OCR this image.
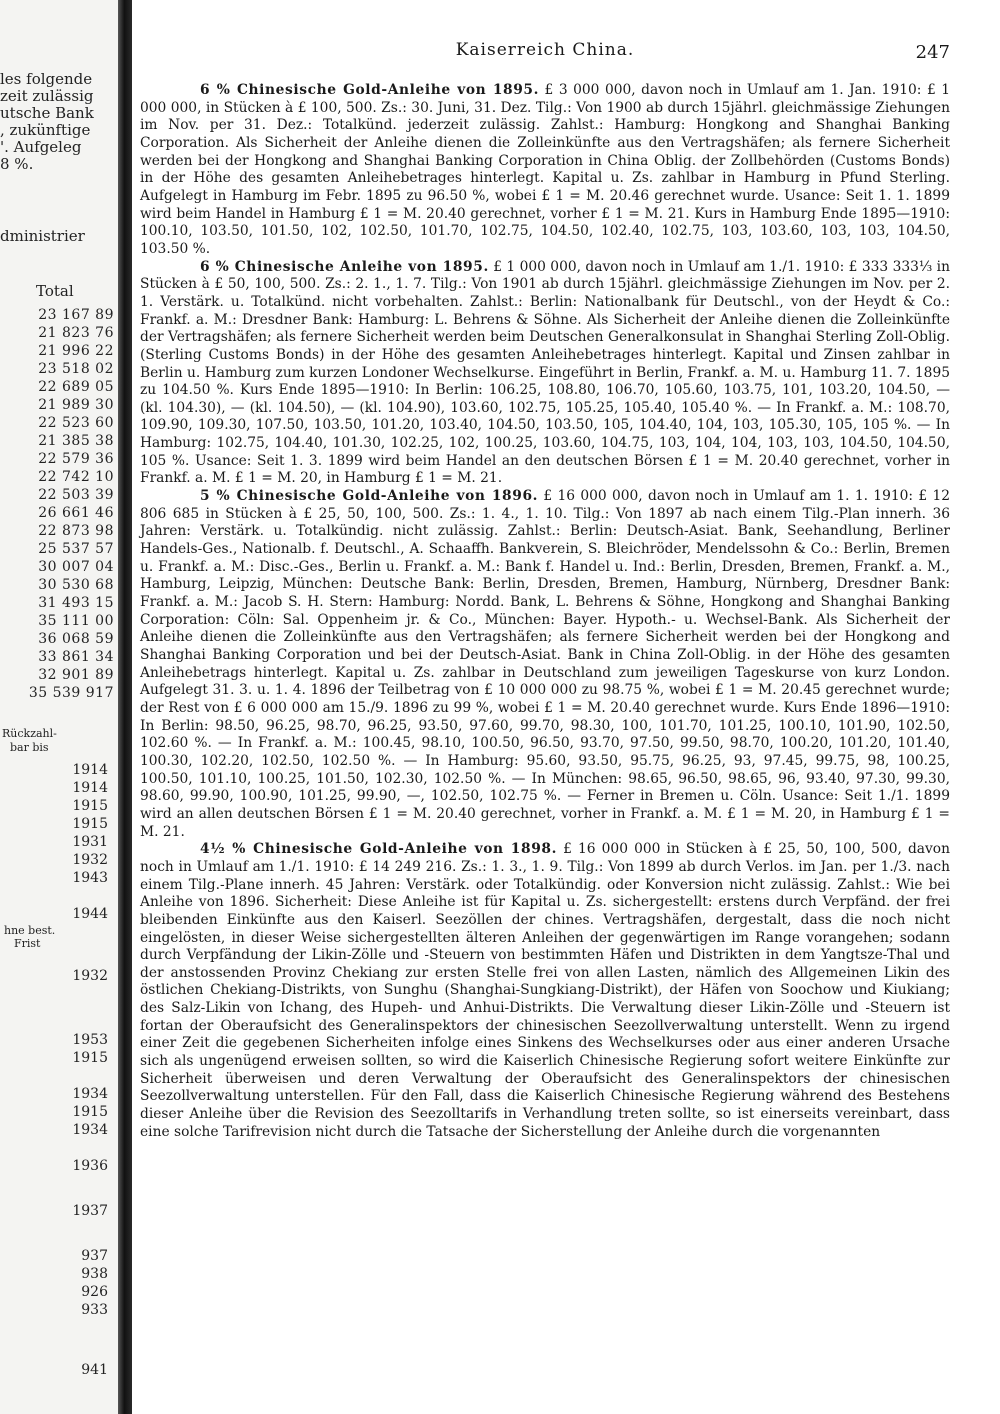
les folgende
zeit zulässig
utsche Bank
, zukünftige
'. Aufgeleg
8 %.
dministrier
Total
23 167 89
21 823 76
21 996 22
23 518 02
22 689 05
21 989 30
22 523 60
21 385 38
22 579 36
22 742 10
22 503 39
26 661 46
22 873 98
25 537 57
30 007 04
30 530 68
31 493 15
35 111 00
36 068 59
33 861 34
32 901 89
35 539 917
Rückzahl-
bar bis
1914
1914
1915
1915
1931
1932
1943
1944
hne best.
Frist
1932
1953
1915
1934
1915
1934
1936
1937
937
938
926
933
941
Kaiserreich China.	247

6 % Chinesische Gold-Anleihe von 1895. £ 3 000 000, davon noch in Umlauf am 1. Jan. 1910: £ 1 000 000, in Stücken à £ 100, 500. Zs.: 30. Juni, 31. Dez. Tilg.: Von 1900 ab durch 15jährl. gleichmässige Ziehungen im Nov. per 31. Dez.: Totalkünd. jederzeit zulässig. Zahlst.: Hamburg: Hongkong and Shanghai Banking Corporation. Als Sicherheit der Anleihe dienen die Zolleinkünfte aus den Vertragshäfen; als fernere Sicherheit werden bei der Hongkong and Shanghai Banking Corporation in China Oblig. der Zollbehörden (Customs Bonds) in der Höhe des gesamten Anleihebetrages hinterlegt. Kapital u. Zs. zahlbar in Hamburg in Pfund Sterling. Aufgelegt in Hamburg im Febr. 1895 zu 96.50 %, wobei £ 1 = M. 20.46 gerechnet wurde. Usance: Seit 1. 1. 1899 wird beim Handel in Hamburg £ 1 = M. 20.40 gerechnet, vorher £ 1 = M. 21. Kurs in Hamburg Ende 1895—1910: 100.10, 103.50, 101.50, 102, 102.50, 101.70, 102.75, 104.50, 102.40, 102.75, 103, 103.60, 103, 103, 104.50, 103.50 %.

6 % Chinesische Anleihe von 1895. £ 1 000 000, davon noch in Umlauf am 1./1. 1910: £ 333 333⅓ in Stücken à £ 50, 100, 500. Zs.: 2. 1., 1. 7. Tilg.: Von 1901 ab durch 15jährl. gleichmässige Ziehungen im Nov. per 2. 1. Verstärk. u. Totalkünd. nicht vorbehalten. Zahlst.: Berlin: Nationalbank für Deutschl., von der Heydt & Co.: Frankf. a. M.: Dresdner Bank: Hamburg: L. Behrens & Söhne. Als Sicherheit der Anleihe dienen die Zolleinkünfte der Vertragshäfen; als fernere Sicherheit werden beim Deutschen Generalkonsulat in Shanghai Sterling Zoll-Oblig. (Sterling Customs Bonds) in der Höhe des gesamten Anleihebetrages hinterlegt. Kapital und Zinsen zahlbar in Berlin u. Hamburg zum kurzen Londoner Wechselkurse. Eingeführt in Berlin, Frankf. a. M. u. Hamburg 11. 7. 1895 zu 104.50 %. Kurs Ende 1895—1910: In Berlin: 106.25, 108.80, 106.70, 105.60, 103.75, 101, 103.20, 104.50, — (kl. 104.30), — (kl. 104.50), — (kl. 104.90), 103.60, 102.75, 105.25, 105.40, 105.40 %. — In Frankf. a. M.: 108.70, 109.90, 109.30, 107.50, 103.50, 101.20, 103.40, 104.50, 103.50, 105, 104.40, 104, 103, 105.30, 105, 105 %. — In Hamburg: 102.75, 104.40, 101.30, 102.25, 102, 100.25, 103.60, 104.75, 103, 104, 104, 103, 103, 104.50, 104.50, 105 %. Usance: Seit 1. 3. 1899 wird beim Handel an den deutschen Börsen £ 1 = M. 20.40 gerechnet, vorher in Frankf. a. M. £ 1 = M. 20, in Hamburg £ 1 = M. 21.

5 % Chinesische Gold-Anleihe von 1896. £ 16 000 000, davon noch in Umlauf am 1. 1. 1910: £ 12 806 685 in Stücken à £ 25, 50, 100, 500. Zs.: 1. 4., 1. 10. Tilg.: Von 1897 ab nach einem Tilg.-Plan innerh. 36 Jahren: Verstärk. u. Totalkündig. nicht zulässig. Zahlst.: Berlin: Deutsch-Asiat. Bank, Seehandlung, Berliner Handels-Ges., Nationalb. f. Deutschl., A. Schaaffh. Bankverein, S. Bleichröder, Mendelssohn & Co.: Berlin, Bremen u. Frankf. a. M.: Disc.-Ges., Berlin u. Frankf. a. M.: Bank f. Handel u. Ind.: Berlin, Dresden, Bremen, Frankf. a. M., Hamburg, Leipzig, München: Deutsche Bank: Berlin, Dresden, Bremen, Hamburg, Nürnberg, Dresdner Bank: Frankf. a. M.: Jacob S. H. Stern: Hamburg: Nordd. Bank, L. Behrens & Söhne, Hongkong and Shanghai Banking Corporation: Cöln: Sal. Oppenheim jr. & Co., München: Bayer. Hypoth.- u. Wechsel-Bank. Als Sicherheit der Anleihe dienen die Zolleinkünfte aus den Vertragshäfen; als fernere Sicherheit werden bei der Hongkong and Shanghai Banking Corporation und bei der Deutsch-Asiat. Bank in China Zoll-Oblig. in der Höhe des gesamten Anleihebetrags hinterlegt. Kapital u. Zs. zahlbar in Deutschland zum jeweiligen Tageskurse von kurz London. Aufgelegt 31. 3. u. 1. 4. 1896 der Teilbetrag von £ 10 000 000 zu 98.75 %, wobei £ 1 = M. 20.45 gerechnet wurde; der Rest von £ 6 000 000 am 15./9. 1896 zu 99 %, wobei £ 1 = M. 20.40 gerechnet wurde. Kurs Ende 1896—1910: In Berlin: 98.50, 96.25, 98.70, 96.25, 93.50, 97.60, 99.70, 98.30, 100, 101.70, 101.25, 100.10, 101.90, 102.50, 102.60 %. — In Frankf. a. M.: 100.45, 98.10, 100.50, 96.50, 93.70, 97.50, 99.50, 98.70, 100.20, 101.20, 101.40, 100.30, 102.20, 102.50, 102.50 %. — In Hamburg: 95.60, 93.50, 95.75, 96.25, 93, 97.45, 99.75, 98, 100.25, 100.50, 101.10, 100.25, 101.50, 102.30, 102.50 %. — In München: 98.65, 96.50, 98.65, 96, 93.40, 97.30, 99.30, 98.60, 99.90, 100.90, 101.25, 99.90, —, 102.50, 102.75 %. — Ferner in Bremen u. Cöln. Usance: Seit 1./1. 1899 wird an allen deutschen Börsen £ 1 = M. 20.40 gerechnet, vorher in Frankf. a. M. £ 1 = M. 20, in Hamburg £ 1 = M. 21.

4½ % Chinesische Gold-Anleihe von 1898. £ 16 000 000 in Stücken à £ 25, 50, 100, 500, davon noch in Umlauf am 1./1. 1910: £ 14 249 216. Zs.: 1. 3., 1. 9. Tilg.: Von 1899 ab durch Verlos. im Jan. per 1./3. nach einem Tilg.-Plane innerh. 45 Jahren: Verstärk. oder Totalkündig. oder Konversion nicht zulässig. Zahlst.: Wie bei Anleihe von 1896. Sicherheit: Diese Anleihe ist für Kapital u. Zs. sichergestellt: erstens durch Verpfänd. der frei bleibenden Einkünfte aus den Kaiserl. Seezöllen der chines. Vertragshäfen, dergestalt, dass die noch nicht eingelösten, in dieser Weise sichergestellten älteren Anleihen der gegenwärtigen im Range vorangehen; sodann durch Verpfändung der Likin-Zölle und -Steuern von bestimmten Häfen und Distrikten in dem Yangtsze-Thal und der anstossenden Provinz Chekiang zur ersten Stelle frei von allen Lasten, nämlich des Allgemeinen Likin des östlichen Chekiang-Distrikts, von Sunghu (Shanghai-Sungkiang-Distrikt), der Häfen von Soochow und Kiukiang; des Salz-Likin von Ichang, des Hupeh- und Anhui-Distrikts. Die Verwaltung dieser Likin-Zölle und -Steuern ist fortan der Oberaufsicht des Generalinspektors der chinesischen Seezollverwaltung unterstellt. Wenn zu irgend einer Zeit die gegebenen Sicherheiten infolge eines Sinkens des Wechselkurses oder aus einer anderen Ursache sich als ungenügend erweisen sollten, so wird die Kaiserlich Chinesische Regierung sofort weitere Einkünfte zur Sicherheit überweisen und deren Verwaltung der Oberaufsicht des Generalinspektors der chinesischen Seezollverwaltung unterstellen. Für den Fall, dass die Kaiserlich Chinesische Regierung während des Bestehens dieser Anleihe über die Revision des Seezolltarifs in Verhandlung treten sollte, so ist einerseits vereinbart, dass eine solche Tarifrevision nicht durch die Tatsache der Sicherstellung der Anleihe durch die vorgenannten
